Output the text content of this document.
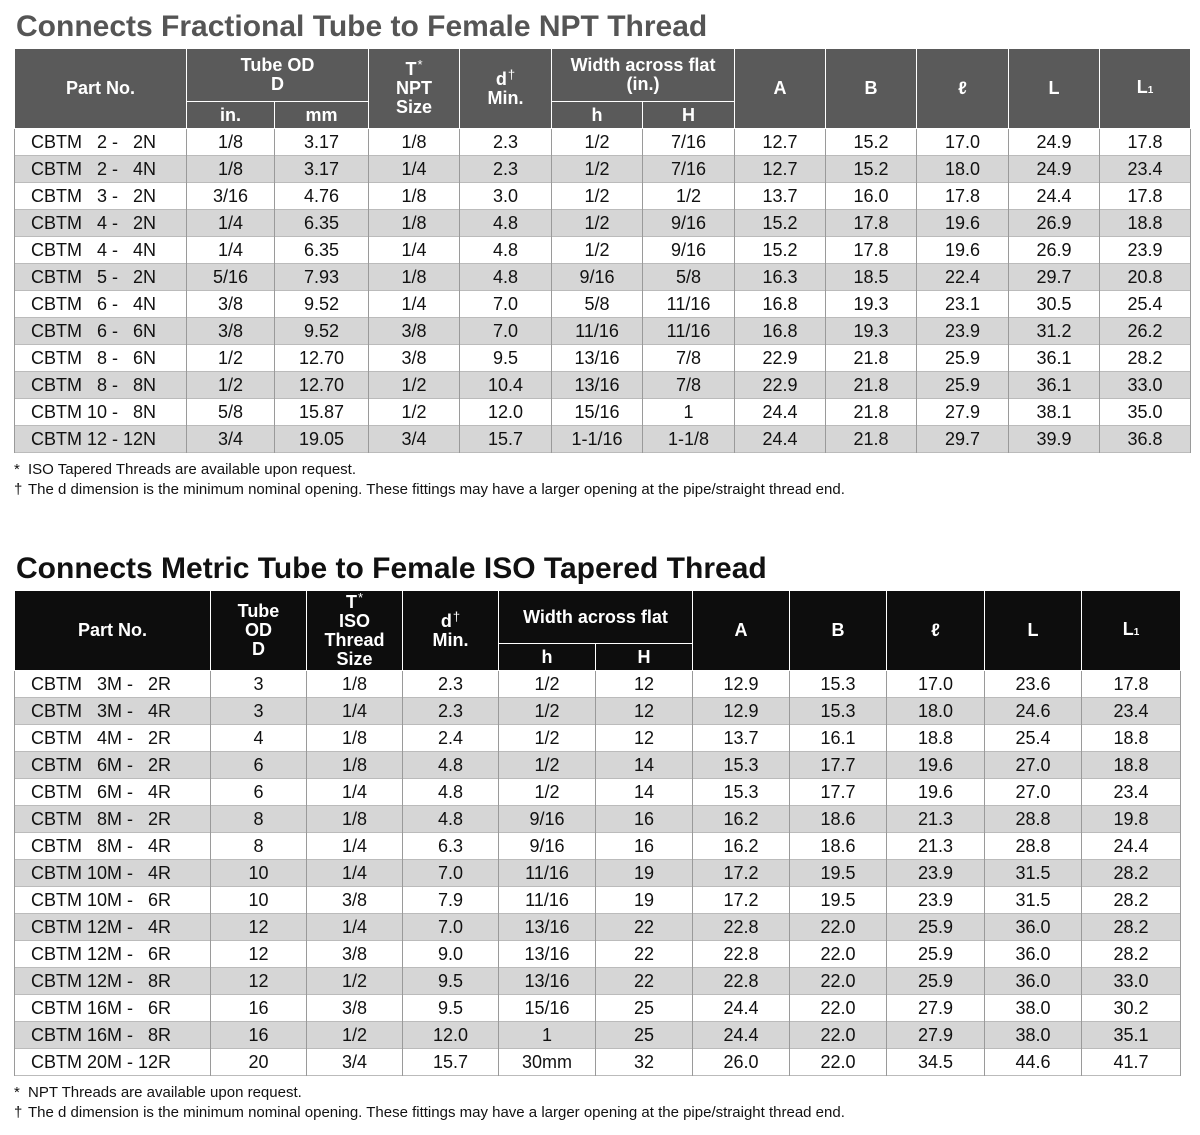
Connects Fractional Tube to Female NPT Thread
Part No.	Tube OD
D		T*
NPT
Size	d†
Min.	Width across flat
(in.)		A	B	ℓ	L	L1
	in.	mm			h	H					
CBTM   2 -   2N	1/8	3.17	1/8	2.3	1/2	7/16	12.7	15.2	17.0	24.9	17.8
CBTM   2 -   4N	1/8	3.17	1/4	2.3	1/2	7/16	12.7	15.2	18.0	24.9	23.4
CBTM   3 -   2N	3/16	4.76	1/8	3.0	1/2	1/2	13.7	16.0	17.8	24.4	17.8
CBTM   4 -   2N	1/4	6.35	1/8	4.8	1/2	9/16	15.2	17.8	19.6	26.9	18.8
CBTM   4 -   4N	1/4	6.35	1/4	4.8	1/2	9/16	15.2	17.8	19.6	26.9	23.9
CBTM   5 -   2N	5/16	7.93	1/8	4.8	9/16	5/8	16.3	18.5	22.4	29.7	20.8
CBTM   6 -   4N	3/8	9.52	1/4	7.0	5/8	11/16	16.8	19.3	23.1	30.5	25.4
CBTM   6 -   6N	3/8	9.52	3/8	7.0	11/16	11/16	16.8	19.3	23.9	31.2	26.2
CBTM   8 -   6N	1/2	12.70	3/8	9.5	13/16	7/8	22.9	21.8	25.9	36.1	28.2
CBTM   8 -   8N	1/2	12.70	1/2	10.4	13/16	7/8	22.9	21.8	25.9	36.1	33.0
CBTM 10 -   8N	5/8	15.87	1/2	12.0	15/16	1	24.4	21.8	27.9	38.1	35.0
CBTM 12 - 12N	3/4	19.05	3/4	15.7	1-1/16	1-1/8	24.4	21.8	29.7	39.9	36.8
* ISO Tapered Threads are available upon request.
† The d dimension is the minimum nominal opening. These fittings may have a larger opening at the pipe/straight thread end.
Connects Metric Tube to Female ISO Tapered Thread
Part No.	Tube
OD
D	T*
ISO
Thread
Size	d†
Min.	Width across flat		A	B	ℓ	L	L1
				h	H					
CBTM   3M -   2R	3	1/8	2.3	1/2	12	12.9	15.3	17.0	23.6	17.8
CBTM   3M -   4R	3	1/4	2.3	1/2	12	12.9	15.3	18.0	24.6	23.4
CBTM   4M -   2R	4	1/8	2.4	1/2	12	13.7	16.1	18.8	25.4	18.8
CBTM   6M -   2R	6	1/8	4.8	1/2	14	15.3	17.7	19.6	27.0	18.8
CBTM   6M -   4R	6	1/4	4.8	1/2	14	15.3	17.7	19.6	27.0	23.4
CBTM   8M -   2R	8	1/8	4.8	9/16	16	16.2	18.6	21.3	28.8	19.8
CBTM   8M -   4R	8	1/4	6.3	9/16	16	16.2	18.6	21.3	28.8	24.4
CBTM 10M -   4R	10	1/4	7.0	11/16	19	17.2	19.5	23.9	31.5	28.2
CBTM 10M -   6R	10	3/8	7.9	11/16	19	17.2	19.5	23.9	31.5	28.2
CBTM 12M -   4R	12	1/4	7.0	13/16	22	22.8	22.0	25.9	36.0	28.2
CBTM 12M -   6R	12	3/8	9.0	13/16	22	22.8	22.0	25.9	36.0	28.2
CBTM 12M -   8R	12	1/2	9.5	13/16	22	22.8	22.0	25.9	36.0	33.0
CBTM 16M -   6R	16	3/8	9.5	15/16	25	24.4	22.0	27.9	38.0	30.2
CBTM 16M -   8R	16	1/2	12.0	1	25	24.4	22.0	27.9	38.0	35.1
CBTM 20M - 12R	20	3/4	15.7	30mm	32	26.0	22.0	34.5	44.6	41.7
* NPT Threads are available upon request.
† The d dimension is the minimum nominal opening. These fittings may have a larger opening at the pipe/straight thread end.
